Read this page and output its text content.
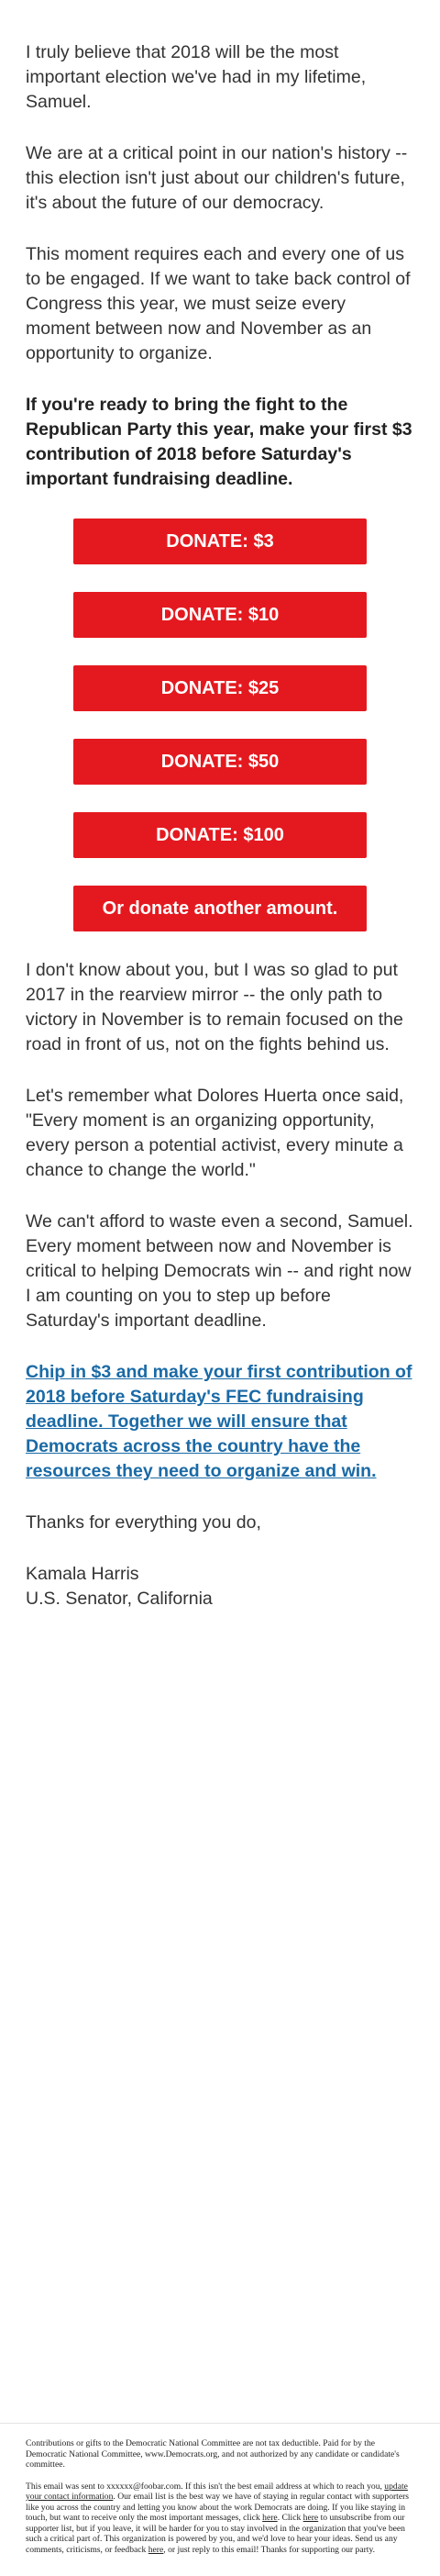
I truly believe that 2018 will be the most important election we've had in my lifetime, Samuel.

We are at a critical point in our nation's history -- this election isn't just about our children's future, it's about the future of our democracy.

This moment requires each and every one of us to be engaged. If we want to take back control of Congress this year, we must seize every moment between now and November as an opportunity to organize.

If you're ready to bring the fight to the Republican Party this year, make your first $3 contribution of 2018 before Saturday's important fundraising deadline.

DONATE: $3
DONATE: $10
DONATE: $25
DONATE: $50
DONATE: $100
Or donate another amount.

I don't know about you, but I was so glad to put 2017 in the rearview mirror -- the only path to victory in November is to remain focused on the road in front of us, not on the fights behind us.

Let's remember what Dolores Huerta once said, "Every moment is an organizing opportunity, every person a potential activist, every minute a chance to change the world."

We can't afford to waste even a second, Samuel. Every moment between now and November is critical to helping Democrats win -- and right now I am counting on you to step up before Saturday's important deadline.

Chip in $3 and make your first contribution of 2018 before Saturday's FEC fundraising deadline. Together we will ensure that Democrats across the country have the resources they need to organize and win.

Thanks for everything you do,

Kamala Harris

U.S. Senator, California

Contributions or gifts to the Democratic National Committee are not tax deductible. Paid for by the Democratic National Committee, www.Democrats.org, and not authorized by any candidate or candidate's committee.

This email was sent to xxxxxx@foobar.com. If this isn't the best email address at which to reach you, update your contact information. Our email list is the best way we have of staying in regular contact with supporters like you across the country and letting you know about the work Democrats are doing. If you like staying in touch, but want to receive only the most important messages, click here. Click here to unsubscribe from our supporter list, but if you leave, it will be harder for you to stay involved in the organization that you've been such a critical part of. This organization is powered by you, and we'd love to hear your ideas. Send us any comments, criticisms, or feedback here, or just reply to this email! Thanks for supporting our party.
